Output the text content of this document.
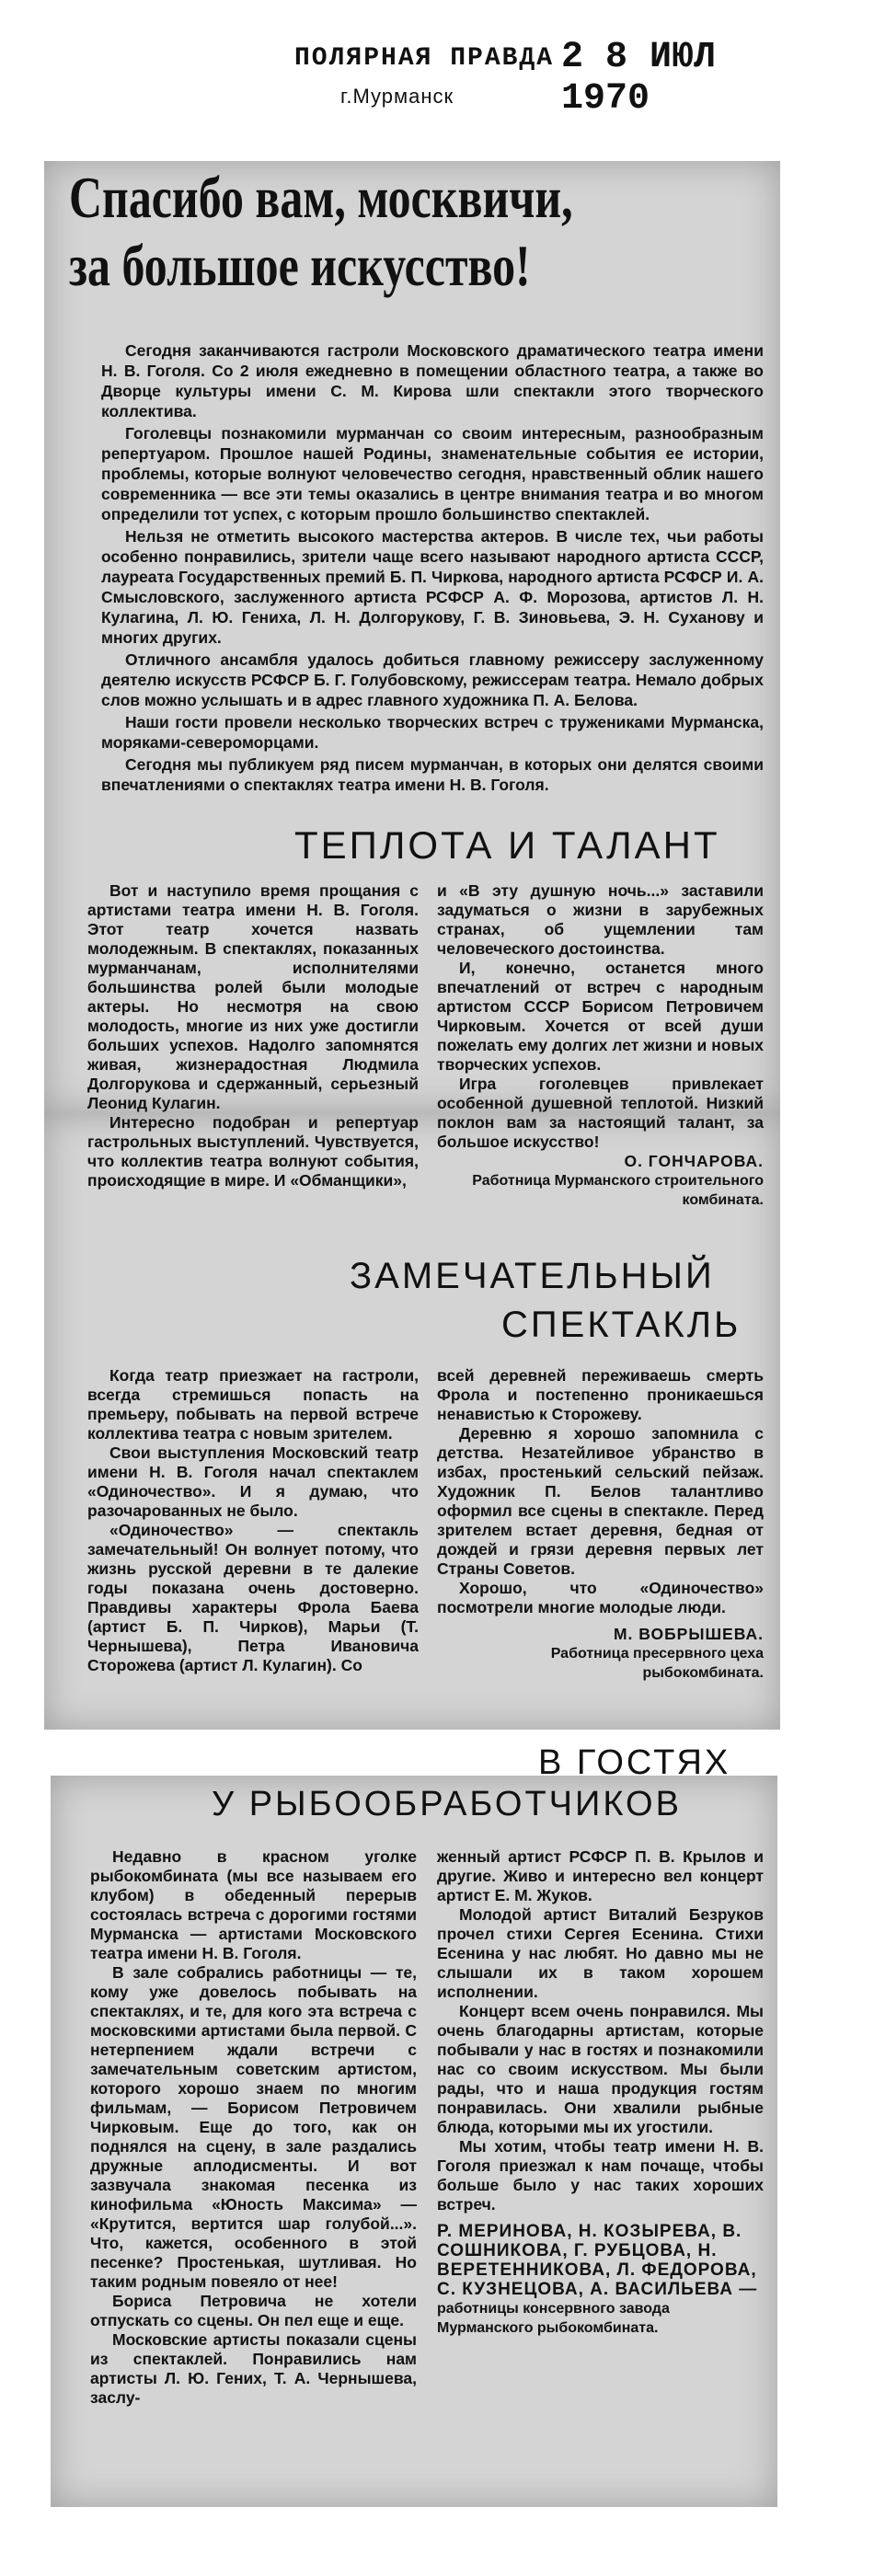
ПОЛЯРНАЯ ПРАВДА 2 8 ИЮЛ 1970
г.Мурманск
Спасибо вам, москвичи,
за большое искусство!

Сегодня заканчиваются гастроли Московского драматического театра имени Н. В. Гоголя. Со 2 июля ежедневно в помещении областного театра, а также во Дворце культуры имени С. М. Кирова шли спектакли этого творческого коллектива.

Гоголевцы познакомили мурманчан со своим интересным, разнообразным репертуаром. Прошлое нашей Родины, знаменательные события ее истории, проблемы, которые волнуют человечество сегодня, нравственный облик нашего современника — все эти темы оказались в центре внимания театра и во многом определили тот успех, с которым прошло большинство спектаклей.

Нельзя не отметить высокого мастерства актеров. В числе тех, чьи работы особенно понравились, зрители чаще всего называют народного артиста СССР, лауреата Государственных премий Б. П. Чиркова, народного артиста РСФСР И. А. Смысловского, заслуженного артиста РСФСР А. Ф. Морозова, артистов Л. Н. Кулагина, Л. Ю. Гениха, Л. Н. Долгорукову, Г. В. Зиновьева, Э. Н. Суханову и многих других.

Отличного ансамбля удалось добиться главному режиссеру заслуженному деятелю искусств РСФСР Б. Г. Голубовскому, режиссерам театра. Немало добрых слов можно услышать и в адрес главного художника П. А. Белова.

Наши гости провели несколько творческих встреч с тружениками Мурманска, моряками-североморцами.

Сегодня мы публикуем ряд писем мурманчан, в которых они делятся своими впечатлениями о спектаклях театра имени Н. В. Гоголя.

ТЕПЛОТА И ТАЛАНТ

Вот и наступило время прощания с артистами театра имени Н. В. Гоголя. Этот театр хочется назвать молодежным. В спектаклях, показанных мурманчанам, исполнителями большинства ролей были молодые актеры. Но несмотря на свою молодость, многие из них уже достигли больших успехов. Надолго запомнятся живая, жизнерадостная Людмила Долгорукова и сдержанный, серьезный Леонид Кулагин.

Интересно подобран и репертуар гастрольных выступлений. Чувствуется, что коллектив театра волнуют события, происходящие в мире. И «Обманщики»,

и «В эту душную ночь...» заставили задуматься о жизни в зарубежных странах, об ущемлении там человеческого достоинства.

И, конечно, останется много впечатлений от встреч с народным артистом СССР Борисом Петровичем Чирковым. Хочется от всей души пожелать ему долгих лет жизни и новых творческих успехов.

Игра гоголевцев привлекает особенной душевной теплотой. Низкий поклон вам за настоящий талант, за большое искусство!

О. ГОНЧАРОВА.
Работница Мурманского строительного комбината.
ЗАМЕЧАТЕЛЬНЫЙ
СПЕКТАКЛЬ

Когда театр приезжает на гастроли, всегда стремишься попасть на премьеру, побывать на первой встрече коллектива театра с новым зрителем.

Свои выступления Московский театр имени Н. В. Гоголя начал спектаклем «Одиночество». И я думаю, что разочарованных не было.

«Одиночество» — спектакль замечательный! Он волнует потому, что жизнь русской деревни в те далекие годы показана очень достоверно. Правдивы характеры Фрола Баева (артист Б. П. Чирков), Марьи (Т. Чернышева), Петра Ивановича Сторожева (артист Л. Кулагин). Со

всей деревней переживаешь смерть Фрола и постепенно проникаешься ненавистью к Сторожеву.

Деревню я хорошо запомнила с детства. Незатейливое убранство в избах, простенький сельский пейзаж. Художник П. Белов талантливо оформил все сцены в спектакле. Перед зрителем встает деревня, бедная от дождей и грязи деревня первых лет Страны Советов.

Хорошо, что «Одиночество» посмотрели многие молодые люди.

М. ВОБРЫШЕВА.
Работница пресервного цеха рыбокомбината.
В ГОСТЯХ
У РЫБООБРАБОТЧИКОВ

Недавно в красном уголке рыбокомбината (мы все называем его клубом) в обеденный перерыв состоялась встреча с дорогими гостями Мурманска — артистами Московского театра имени Н. В. Гоголя.

В зале собрались работницы — те, кому уже довелось побывать на спектаклях, и те, для кого эта встреча с московскими артистами была первой. С нетерпением ждали встречи с замечательным советским артистом, которого хорошо знаем по многим фильмам, — Борисом Петровичем Чирковым. Еще до того, как он поднялся на сцену, в зале раздались дружные аплодисменты. И вот зазвучала знакомая песенка из кинофильма «Юность Максима» — «Крутится, вертится шар голубой...». Что, кажется, особенного в этой песенке? Простенькая, шутливая. Но таким родным повеяло от нее!

Бориса Петровича не хотели отпускать со сцены. Он пел еще и еще.

Московские артисты показали сцены из спектаклей. Понравились нам артисты Л. Ю. Гених, Т. А. Чернышева, заслу-

женный артист РСФСР П. В. Крылов и другие. Живо и интересно вел концерт артист Е. М. Жуков.

Молодой артист Виталий Безруков прочел стихи Сергея Есенина. Стихи Есенина у нас любят. Но давно мы не слышали их в таком хорошем исполнении.

Концерт всем очень понравился. Мы очень благодарны артистам, которые побывали у нас в гостях и познакомили нас со своим искусством. Мы были рады, что и наша продукция гостям понравилась. Они хвалили рыбные блюда, которыми мы их угостили.

Мы хотим, чтобы театр имени Н. В. Гоголя приезжал к нам почаще, чтобы больше было у нас таких хороших встреч.

Р. МЕРИНОВА, Н. КОЗЫРЕВА, В. СОШНИКОВА, Г. РУБЦОВА, Н. ВЕРЕТЕННИКОВА, Л. ФЕДОРОВА, С. КУЗНЕЦОВА, А. ВАСИЛЬЕВА —
работницы консервного завода Мурманского рыбокомбината.
